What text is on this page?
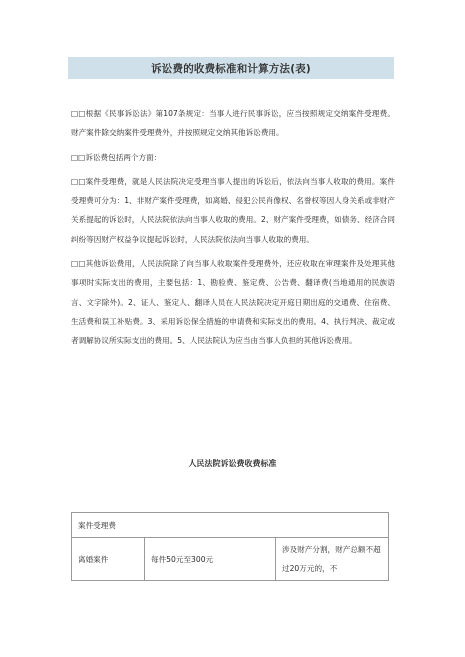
诉讼费的收费标准和计算方法(表)

□□根据《民事诉讼法》第107条规定：当事人进行民事诉讼，应当按照规定交纳案件受理费。财产案件除交纳案件受理费外，并按照规定交纳其他诉讼费用。

□□诉讼费包括两个方面：

□□案件受理费，就是人民法院决定受理当事人提出的诉讼后，依法向当事人收取的费用。案件受理费可分为：1、非财产案件受理费，如离婚、侵犯公民肖像权、名誉权等因人身关系或非财产关系提起的诉讼时，人民法院依法向当事人收取的费用。2、财产案件受理费，如债务、经济合同纠纷等因财产权益争议提起诉讼时，人民法院依法向当事人收取的费用。

□□其他诉讼费用，人民法院除了向当事人收取案件受理费外，还应收取在审理案件及处理其他事项时实际支出的费用，主要包括：1、勘验费、鉴定费、公告费、翻译费(当地通用的民族语言、文字除外)。2、证人、鉴定人、翻译人员在人民法院决定开庭日期出庭的交通费、住宿费、生活费和误工补贴费。3、采用诉讼保全措施的申请费和实际支出的费用。4、执行判决、裁定或者调解协议所实际支出的费用。5、人民法院认为应当由当事人负担的其他诉讼费用。

人民法院诉讼费收费标准
案件受理费
离婚案件	每件50元至300元	涉及财产分割，财产总额不超过20万元的，不
